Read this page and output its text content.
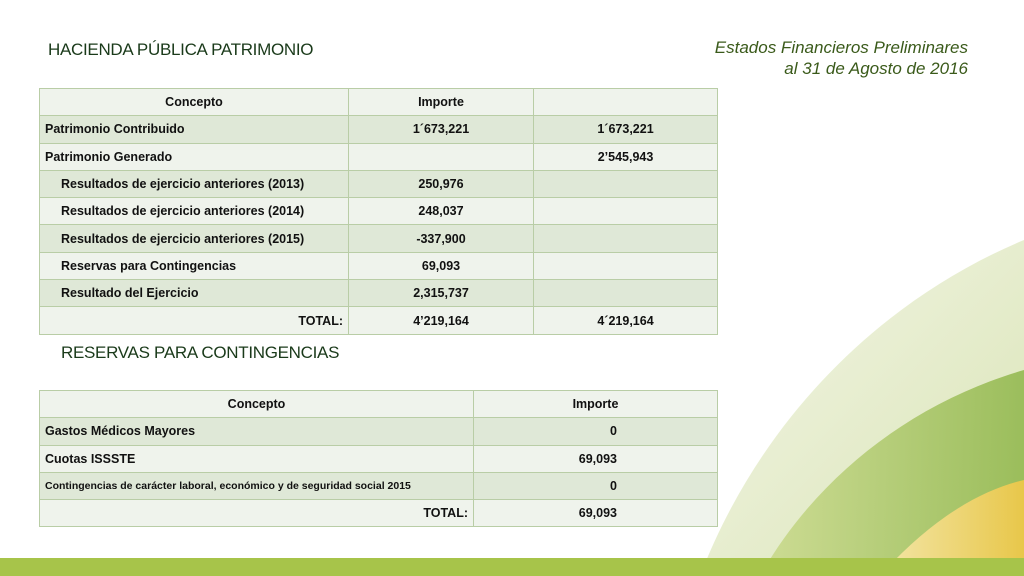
HACIENDA PÚBLICA PATRIMONIO	Estados Financieros Preliminares
al 31 de Agosto de 2016
Concepto	Importe	
Patrimonio Contribuido	1´673,221	1´673,221
Patrimonio Generado		2’545,943
Resultados de ejercicio anteriores (2013)	250,976	
Resultados de ejercicio anteriores (2014)	248,037	
Resultados de ejercicio anteriores (2015)	-337,900	
Reservas para Contingencias	69,093	
Resultado del Ejercicio	2,315,737	
TOTAL:	4’219,164	4´219,164
RESERVAS PARA CONTINGENCIAS
Concepto	Importe
Gastos Médicos Mayores	0
Cuotas ISSSTE	69,093
Contingencias de carácter laboral, económico y de seguridad social 2015	0
TOTAL:	69,093
